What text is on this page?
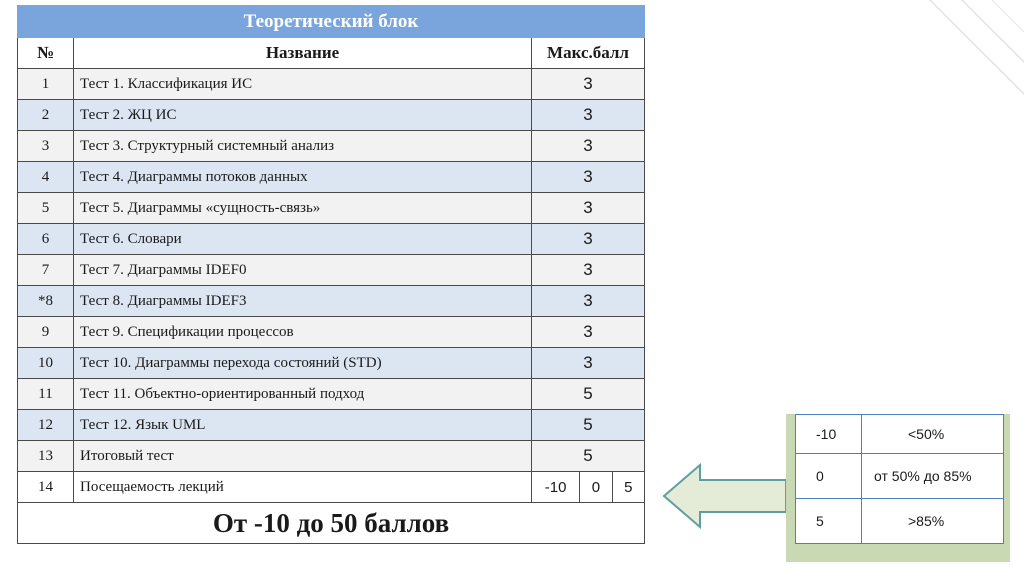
Теоретический блок		
№	Название	Макс.балл
1	Тест 1. Классификация ИС	3
2	Тест 2. ЖЦ ИС	3
3	Тест 3. Структурный системный анализ	3
4	Тест 4. Диаграммы потоков данных	3
5	Тест 5. Диаграммы «сущность-связь»	3
6	Тест 6. Словари	3
7	Тест 7. Диаграммы IDEF0	3
*8	Тест 8. Диаграммы IDEF3	3
9	Тест 9. Спецификации процессов	3
10	Тест 10. Диаграммы перехода состояний (STD)	3
11	Тест 11. Объектно-ориентированный подход	5
12	Тест 12. Язык UML	5
13	Итоговый тест	5
14	Посещаемость лекций	-10 0 5

От -10 до 50 баллов		
-10	<50%
0	от 50% до 85%
5	>85%
